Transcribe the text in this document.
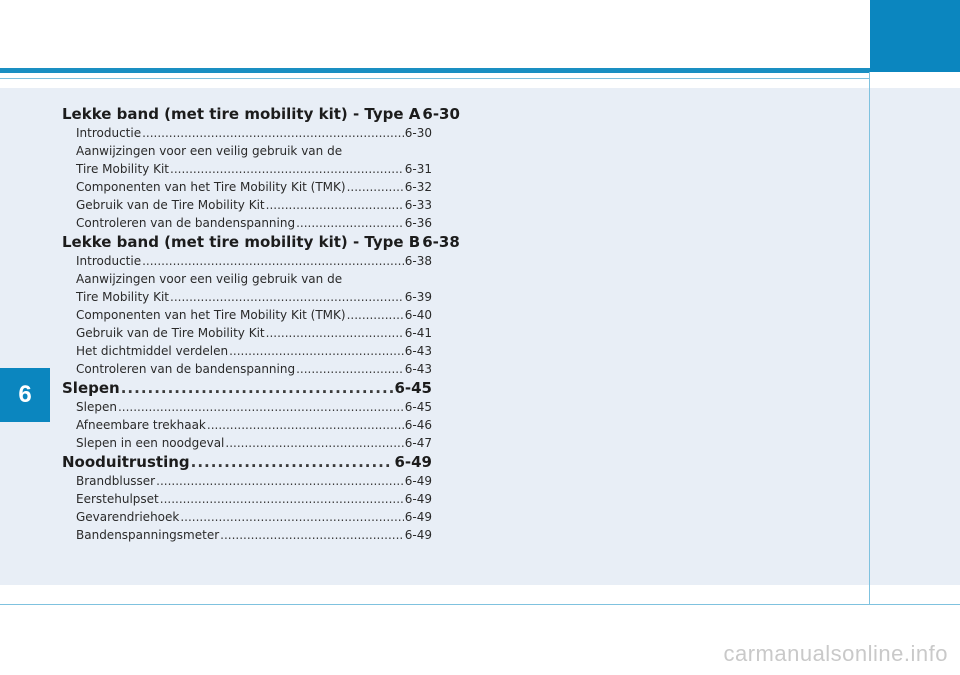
6
Lekke band (met tire mobility kit) - Type A 6-30
Introductie .....	6-30
Aanwijzingen voor een veilig gebruik van de
Tire Mobility Kit .....	6-31
Componenten van het Tire Mobility Kit (TMK) .....	6-32
Gebruik van de Tire Mobility Kit .....	6-33
Controleren van de bandenspanning .....	6-36
Lekke band (met tire mobility kit) - Type B 6-38
Introductie .....	6-38
Aanwijzingen voor een veilig gebruik van de
Tire Mobility Kit .....	6-39
Componenten van het Tire Mobility Kit (TMK) .....	6-40
Gebruik van de Tire Mobility Kit .....	6-41
Het dichtmiddel verdelen .....	6-43
Controleren van de bandenspanning .....	6-43
Slepen .....	6-45
Slepen .....	6-45
Afneembare trekhaak .....	6-46
Slepen in een noodgeval .....	6-47
Nooduitrusting .....	6-49
Brandblusser .....	6-49
Eerstehulpset .....	6-49
Gevarendriehoek .....	6-49
Bandenspanningsmeter .....	6-49
carmanualsonline.info
